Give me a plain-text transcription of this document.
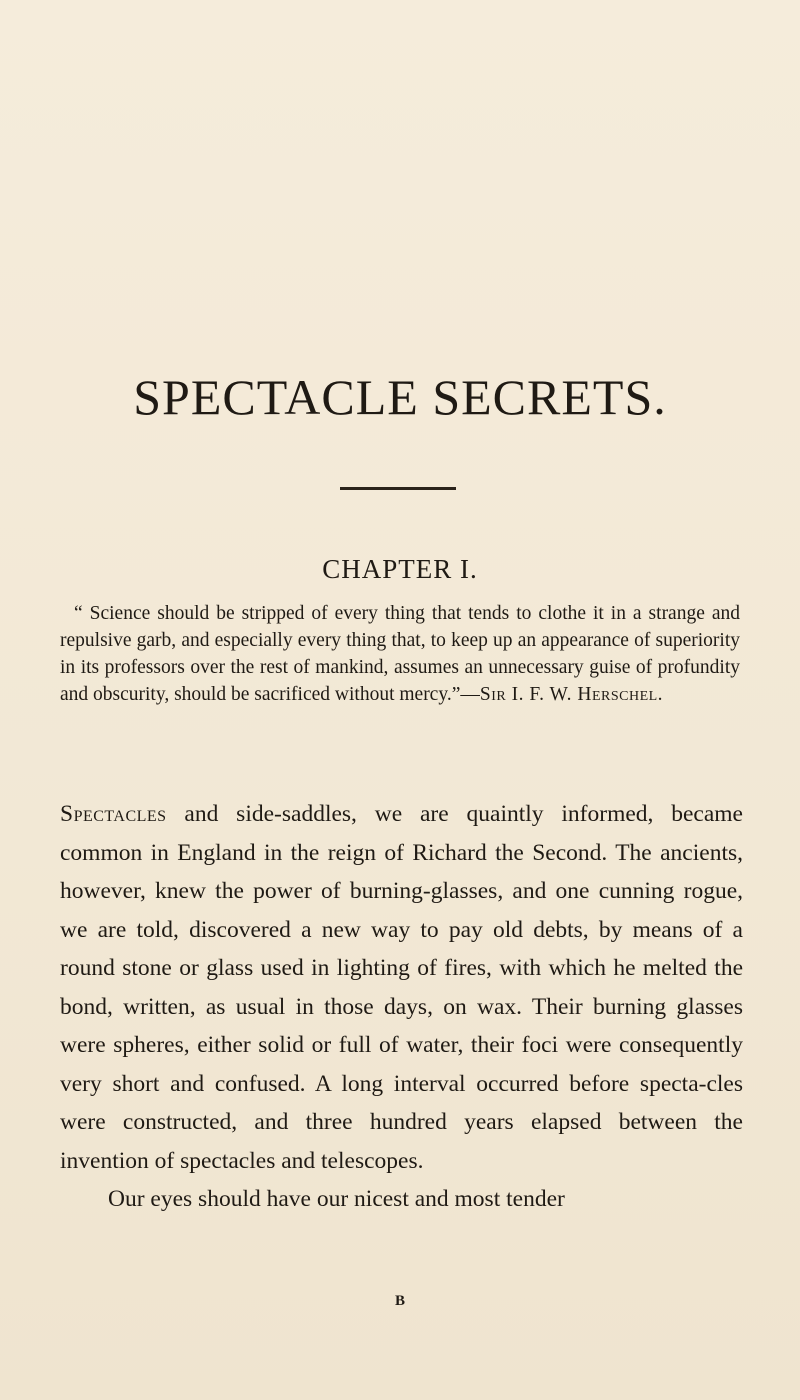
SPECTACLE SECRETS.
CHAPTER I.

“ Science should be stripped of every thing that tends to clothe it in a strange and repulsive garb, and especially every thing that, to keep up an appearance of superiority in its professors over the rest of mankind, assumes an unnecessary guise of profundity and obscurity, should be sacrificed without mercy.”—Sir I. F. W. Herschel.

Spectacles and side-saddles, we are quaintly informed, became common in England in the reign of Richard the Second. The ancients, however, knew the power of burning-glasses, and one cunning rogue, we are told, discovered a new way to pay old debts, by means of a round stone or glass used in lighting of fires, with which he melted the bond, written, as usual in those days, on wax. Their burning glasses were spheres, either solid or full of water, their foci were consequently very short and confused. A long interval occurred before specta-cles were constructed, and three hundred years elapsed between the invention of spectacles and telescopes.

Our eyes should have our nicest and most tender

B
